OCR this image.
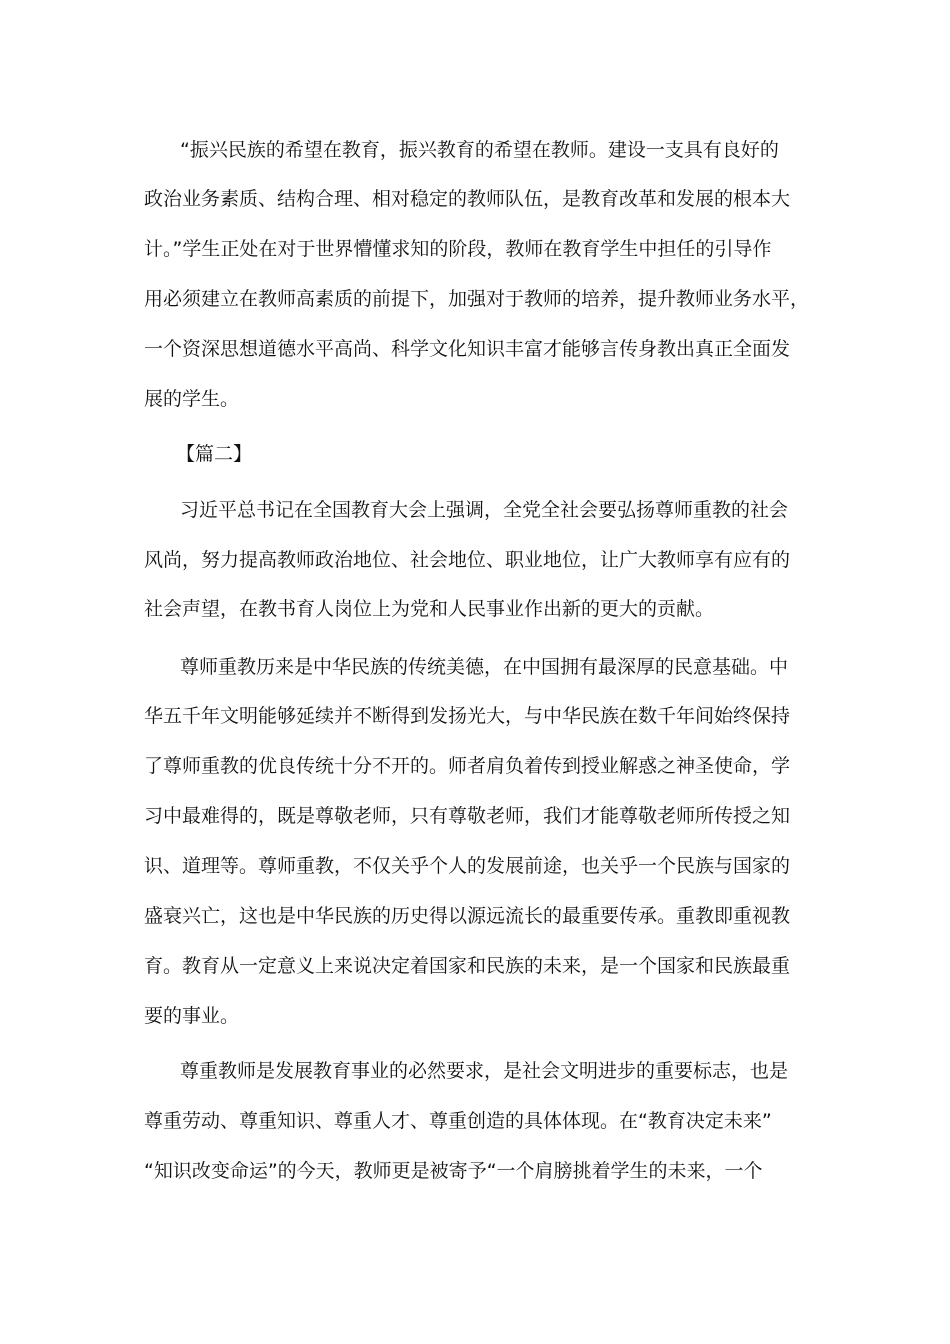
“振兴民族的希望在教育，振兴教育的希望在教师。建设一支具有良好的

政治业务素质、结构合理、相对稳定的教师队伍，是教育改革和发展的根本大

计。”学生正处在对于世界懵懂求知的阶段，教师在教育学生中担任的引导作

用必须建立在教师高素质的前提下，加强对于教师的培养，提升教师业务水平，

一个资深思想道德水平高尚、科学文化知识丰富才能够言传身教出真正全面发

展的学生。

【篇二】

习近平总书记在全国教育大会上强调，全党全社会要弘扬尊师重教的社会

风尚，努力提高教师政治地位、社会地位、职业地位，让广大教师享有应有的

社会声望，在教书育人岗位上为党和人民事业作出新的更大的贡献。

尊师重教历来是中华民族的传统美德，在中国拥有最深厚的民意基础。中

华五千年文明能够延续并不断得到发扬光大，与中华民族在数千年间始终保持

了尊师重教的优良传统十分不开的。师者肩负着传到授业解惑之神圣使命，学

习中最难得的，既是尊敬老师，只有尊敬老师，我们才能尊敬老师所传授之知

识、道理等。尊师重教，不仅关乎个人的发展前途，也关乎一个民族与国家的

盛衰兴亡，这也是中华民族的历史得以源远流长的最重要传承。重教即重视教

育。教育从一定意义上来说决定着国家和民族的未来，是一个国家和民族最重

要的事业。

尊重教师是发展教育事业的必然要求，是社会文明进步的重要标志，也是

尊重劳动、尊重知识、尊重人才、尊重创造的具体体现。在“教育决定未来”

“知识改变命运”的今天，教师更是被寄予“一个肩膀挑着学生的未来，一个
